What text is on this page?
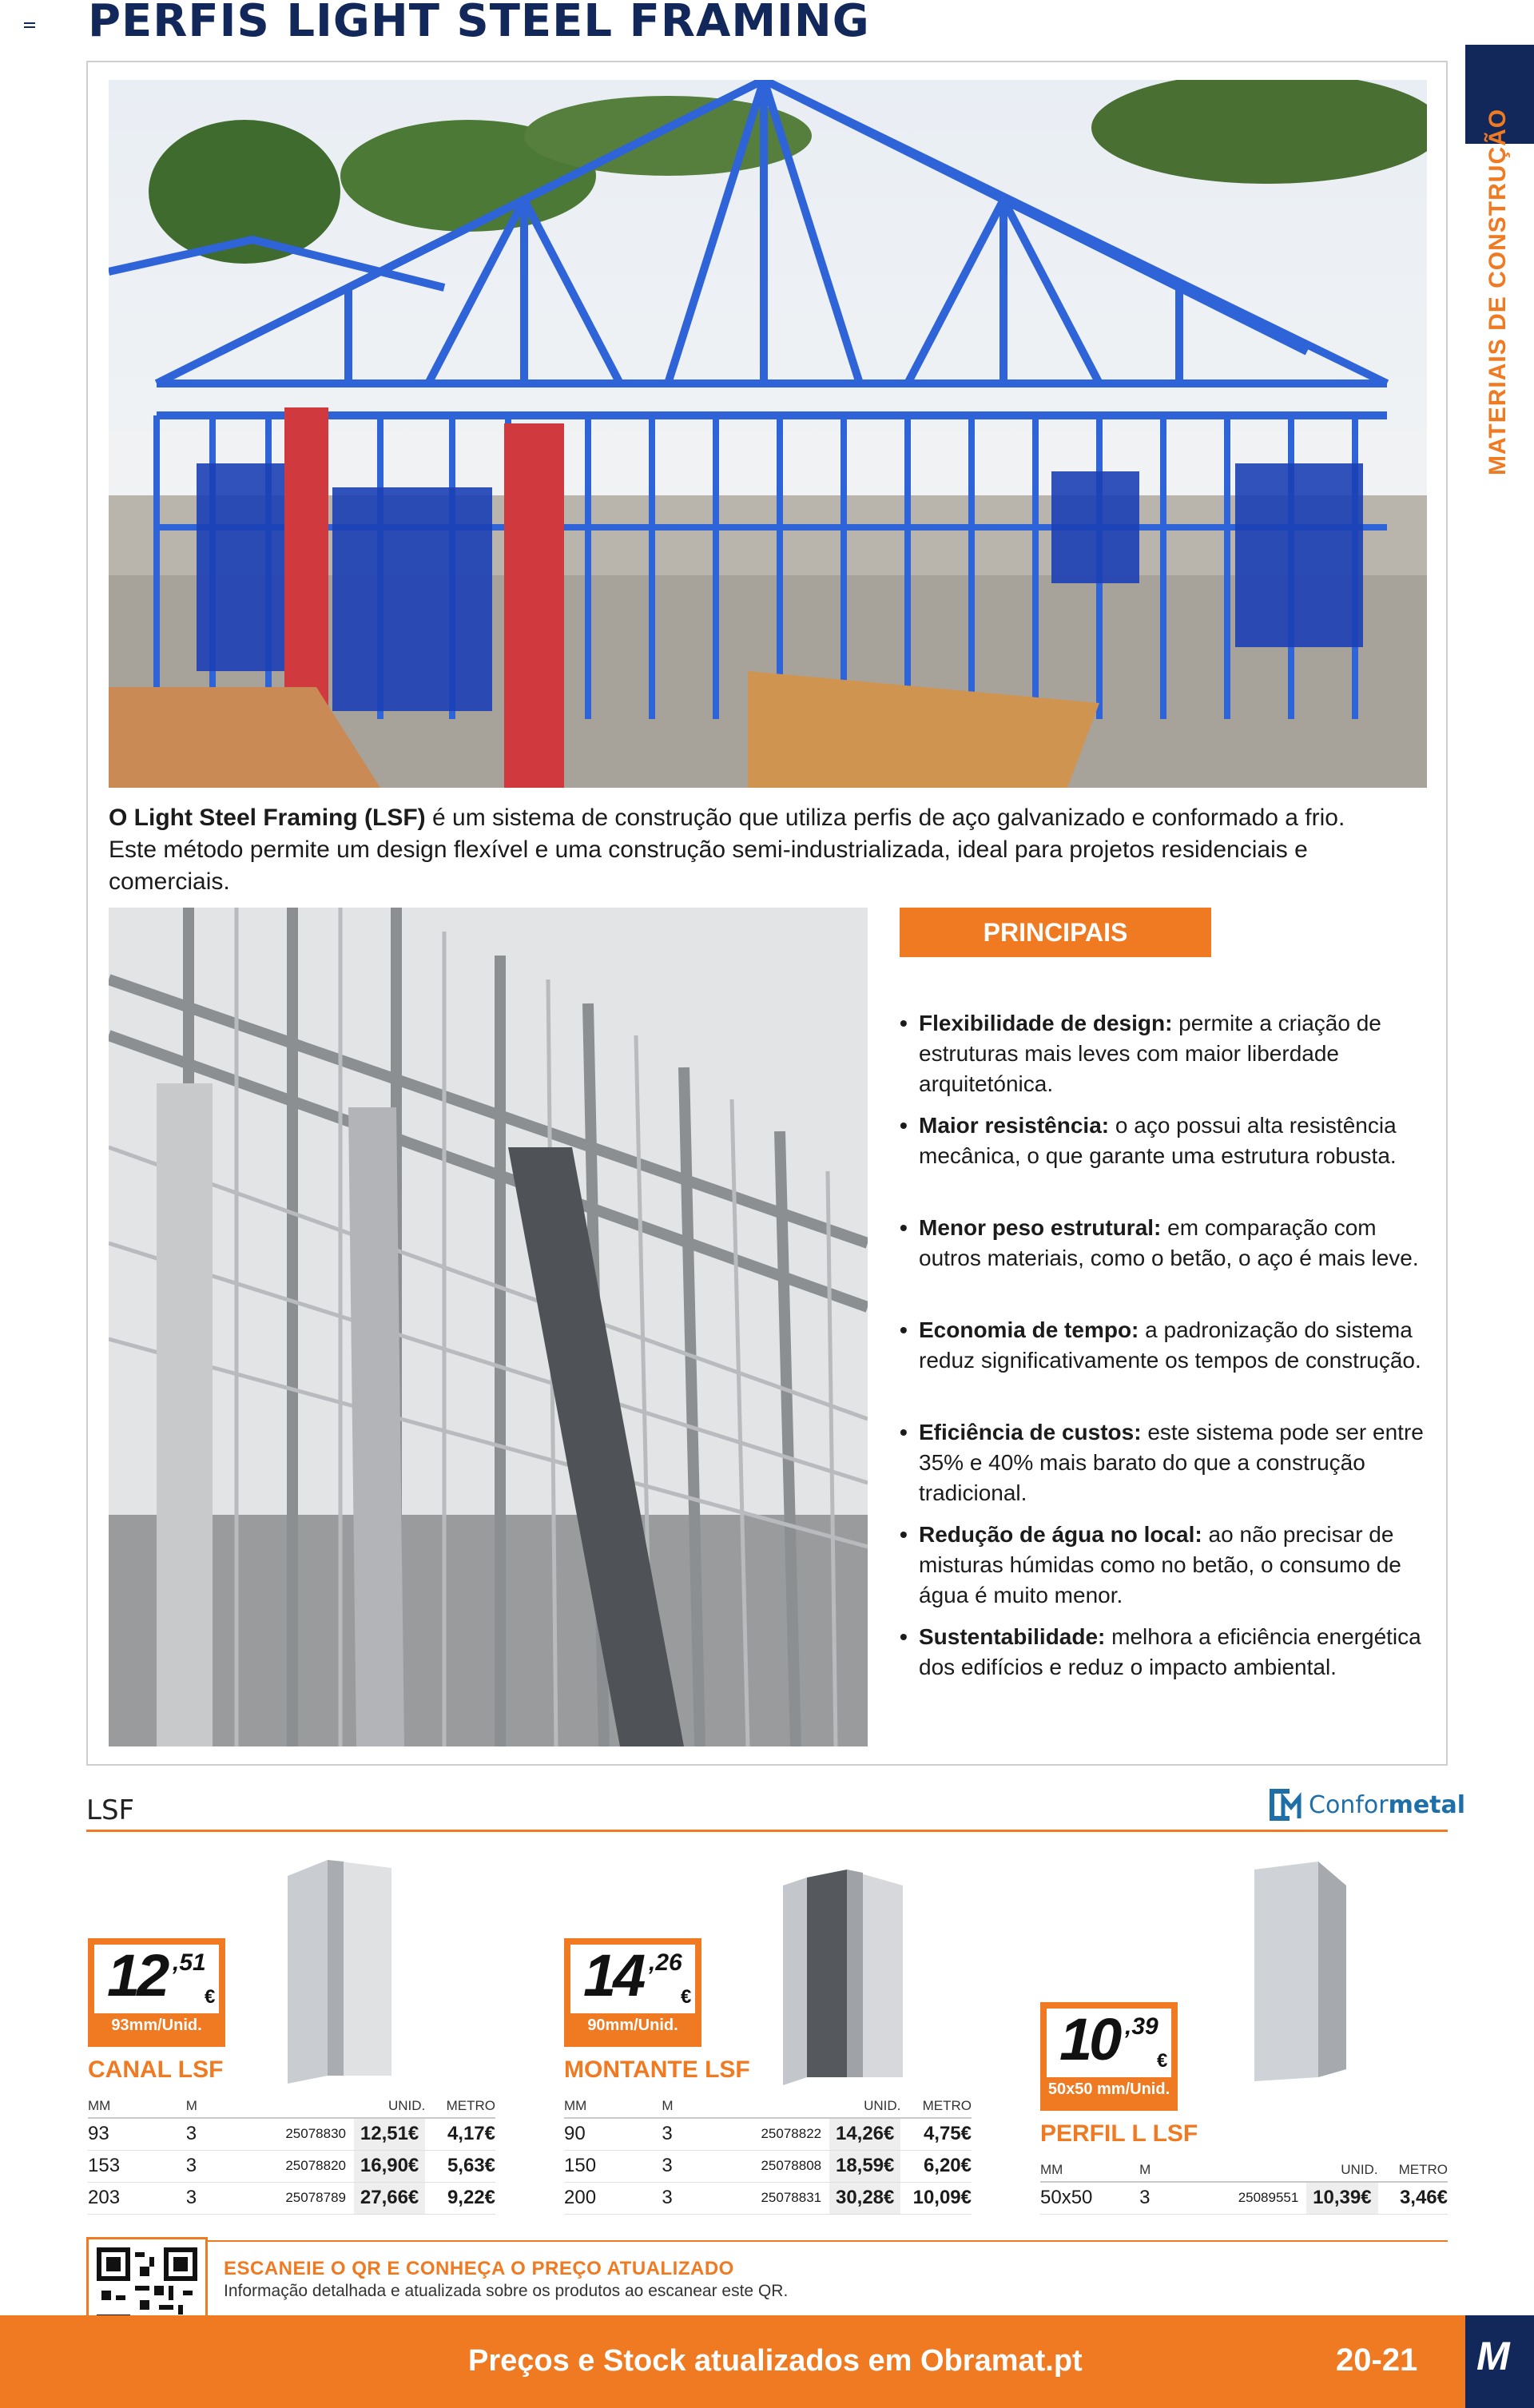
PERFIS LIGHT STEEL FRAMING
MATERIAIS DE CONSTRUÇÃO
O Light Steel Framing (LSF) é um sistema de construção que utiliza perfis de aço galvanizado e conformado a frio.
Este método permite um design flexível e uma construção semi-industrializada, ideal para projetos residenciais e comerciais.
PRINCIPAIS VANTAGENS:
• Flexibilidade de design: permite a criação de estruturas mais leves com maior liberdade arquitetónica.
• Maior resistência: o aço possui alta resistência mecânica, o que garante uma estrutura robusta.
• Menor peso estrutural: em comparação com outros materiais, como o betão, o aço é mais leve.
• Economia de tempo: a padronização do sistema reduz significativamente os tempos de construção.
• Eficiência de custos: este sistema pode ser entre 35% e 40% mais barato do que a construção tradicional.
• Redução de água no local: ao não precisar de misturas húmidas como no betão, o consumo de água é muito menor.
• Sustentabilidade: melhora a eficiência energética dos edifícios e reduz o impacto ambiental.
LSF	Conformetal
12 ,51
€
93mm/Unid.
CANAL LSF
MM	M		UNID.	METRO
93	3	25078830	12,51€	4,17€
153	3	25078820	16,90€	5,63€
203	3	25078789	27,66€	9,22€
14 ,26
€
90mm/Unid.
MONTANTE LSF
MM	M		UNID.	METRO
90	3	25078822	14,26€	4,75€
150	3	25078808	18,59€	6,20€
200	3	25078831	30,28€	10,09€
10 ,39
€
50x50 mm/Unid.
PERFIL L LSF
MM	M		UNID.	METRO
50x50	3	25089551	10,39€	3,46€
ESCANEIE O QR E CONHEÇA O PREÇO ATUALIZADO
Informação detalhada e atualizada sobre os produtos ao escanear este QR.
Preços e Stock atualizados em Obramat.pt	20-21 M
